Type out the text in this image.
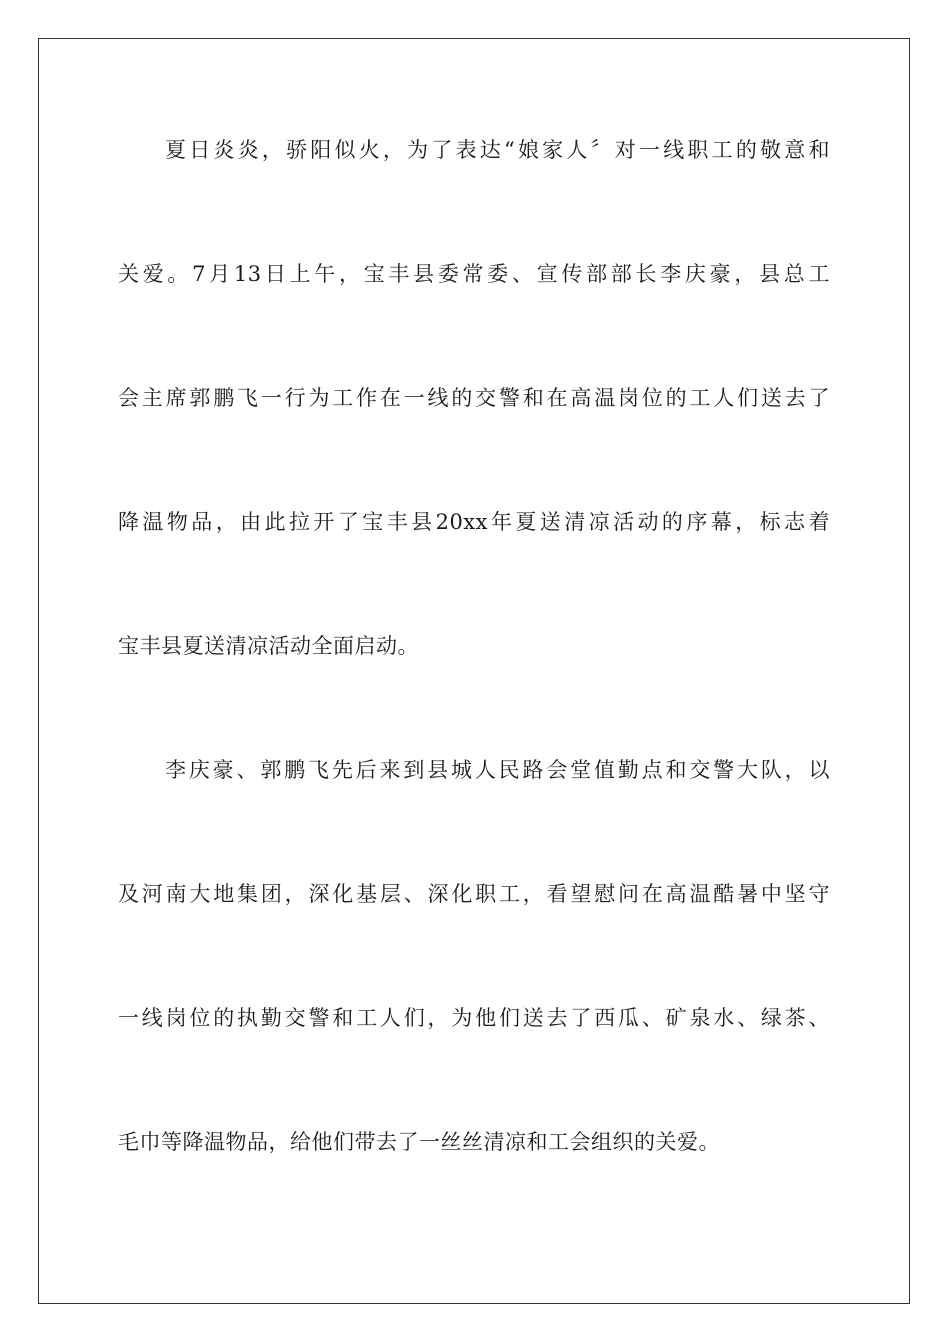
夏日炎炎，骄阳似火，为了表达“娘家人〞对一线职工的敬意和
关爱。7月13日上午，宝丰县委常委、宣传部部长李庆豪，县总工
会主席郭鹏飞一行为工作在一线的交警和在高温岗位的工人们送去了
降温物品，由此拉开了宝丰县20xx年夏送清凉活动的序幕，标志着
宝丰县夏送清凉活动全面启动。
李庆豪、郭鹏飞先后来到县城人民路会堂值勤点和交警大队，以
及河南大地集团，深化基层、深化职工，看望慰问在高温酷暑中坚守
一线岗位的执勤交警和工人们，为他们送去了西瓜、矿泉水、绿茶、
毛巾等降温物品，给他们带去了一丝丝清凉和工会组织的关爱。
